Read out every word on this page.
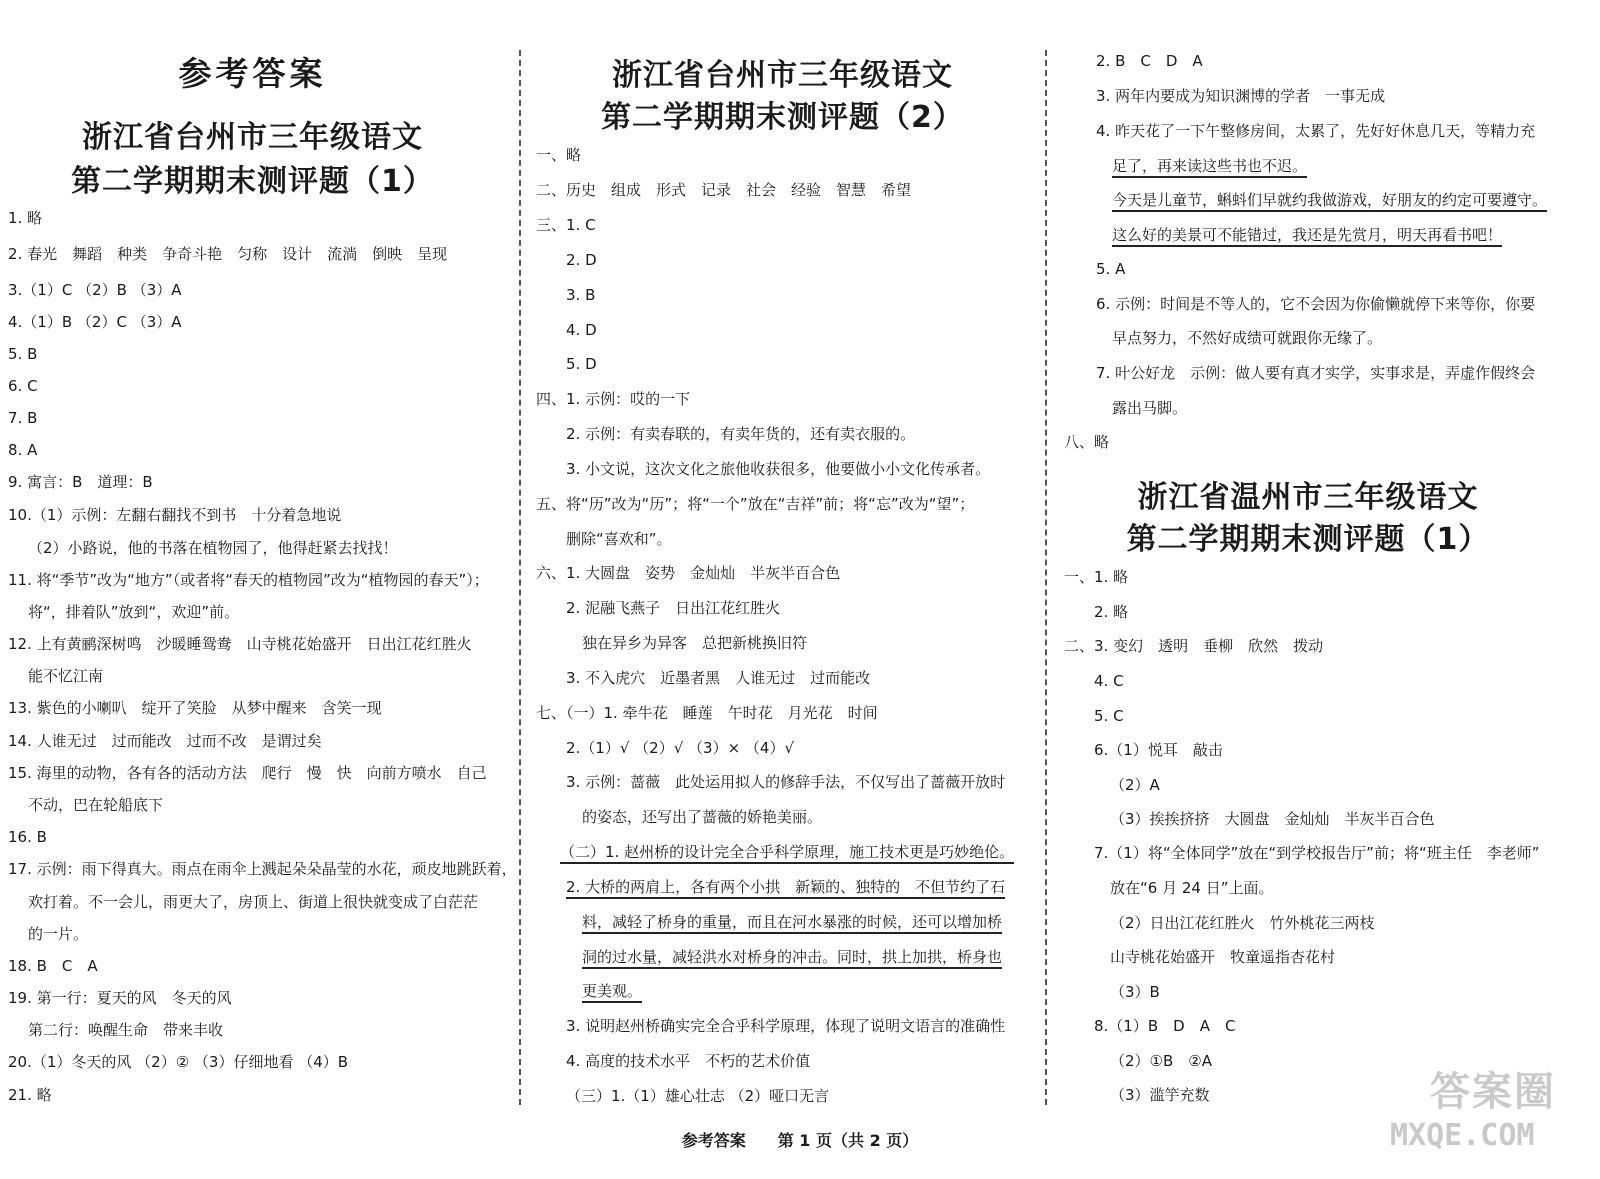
参考答案
浙江省台州市三年级语文
第二学期期末测评题（1）
1. 略
2. 春光　舞蹈　种类　争奇斗艳　匀称　设计　流淌　倒映　呈现
3.（1）C （2）B （3）A
4.（1）B （2）C （3）A
5. B
6. C
7. B
8. A
9. 寓言：B　道理：B
10.（1）示例：左翻右翻找不到书　十分着急地说
（2）小路说，他的书落在植物园了，他得赶紧去找找！
11. 将“季节”改为“地方”（或者将“春天的植物园”改为“植物园的春天”）；
将“，排着队”放到“，欢迎”前。
12. 上有黄鹂深树鸣　沙暖睡鸳鸯　山寺桃花始盛开　日出江花红胜火
能不忆江南
13. 紫色的小喇叭　绽开了笑脸　从梦中醒来　含笑一现
14. 人谁无过　过而能改　过而不改　是谓过矣
15. 海里的动物，各有各的活动方法　爬行　慢　快　向前方喷水　自己
不动，巴在轮船底下
16. B
17. 示例：雨下得真大。雨点在雨伞上溅起朵朵晶莹的水花，顽皮地跳跃着，
欢打着。不一会儿，雨更大了，房顶上、街道上很快就变成了白茫茫
的一片。
18. B　C　A
19. 第一行：夏天的风　冬天的风
第二行：唤醒生命　带来丰收
20.（1）冬天的风 （2）② （3）仔细地看 （4）B
21. 略
浙江省台州市三年级语文
第二学期期末测评题（2）
一、略
二、历史　组成　形式　记录　社会　经验　智慧　希望
三、1. C
2. D
3. B
4. D
5. D
四、1. 示例：哎的一下
2. 示例：有卖春联的，有卖年货的，还有卖衣服的。
3. 小文说，这次文化之旅他收获很多，他要做小小文化传承者。
五、将“历”改为“历”；将“一个”放在“吉祥”前；将“忘”改为“望”；
删除“喜欢和”。
六、1. 大圆盘　姿势　金灿灿　半灰半百合色
2. 泥融飞燕子　日出江花红胜火
独在异乡为异客　总把新桃换旧符
3. 不入虎穴　近墨者黑　人谁无过　过而能改
七、（一）1. 牵牛花　睡莲　午时花　月光花　时间
2.（1）√ （2）√ （3）× （4）√
3. 示例：蔷薇　此处运用拟人的修辞手法，不仅写出了蔷薇开放时
的姿态，还写出了蔷薇的娇艳美丽。
（二）1. 赵州桥的设计完全合乎科学原理，施工技术更是巧妙绝伦。
2. 大桥的两肩上，各有两个小拱　新颖的、独特的　不但节约了石
料，减轻了桥身的重量，而且在河水暴涨的时候，还可以增加桥
洞的过水量，减轻洪水对桥身的冲击。同时，拱上加拱，桥身也
更美观。
3. 说明赵州桥确实完全合乎科学原理，体现了说明文语言的准确性
4. 高度的技术水平　不朽的艺术价值
（三）1.（1）雄心壮志 （2）哑口无言
2. B　C　D　A
3. 两年内要成为知识渊博的学者　一事无成
4. 昨天花了一下午整修房间，太累了，先好好休息几天，等精力充
足了，再来读这些书也不迟。
今天是儿童节，蝌蚪们早就约我做游戏，好朋友的约定可要遵守。
这么好的美景可不能错过，我还是先赏月，明天再看书吧！
5. A
6. 示例：时间是不等人的，它不会因为你偷懒就停下来等你，你要
早点努力，不然好成绩可就跟你无缘了。
7. 叶公好龙　示例：做人要有真才实学，实事求是，弄虚作假终会
露出马脚。
八、略
浙江省温州市三年级语文
第二学期期末测评题（1）
一、1. 略
2. 略
二、3. 变幻　透明　垂柳　欣然　拨动
4. C
5. C
6.（1）悦耳　敲击
（2）A
（3）挨挨挤挤　大圆盘　金灿灿　半灰半百合色
7.（1）将“全体同学”放在“到学校报告厅”前；将“班主任　李老师”
放在“6 月 24 日”上面。
（2）日出江花红胜火　竹外桃花三两枝
山寺桃花始盛开　牧童遥指杏花村
（3）B
8.（1）B　D　A　C
（2）①B　②A
（3）滥竽充数
参考答案　　第 1 页（共 2 页）
答案圈
MXQE.COM
